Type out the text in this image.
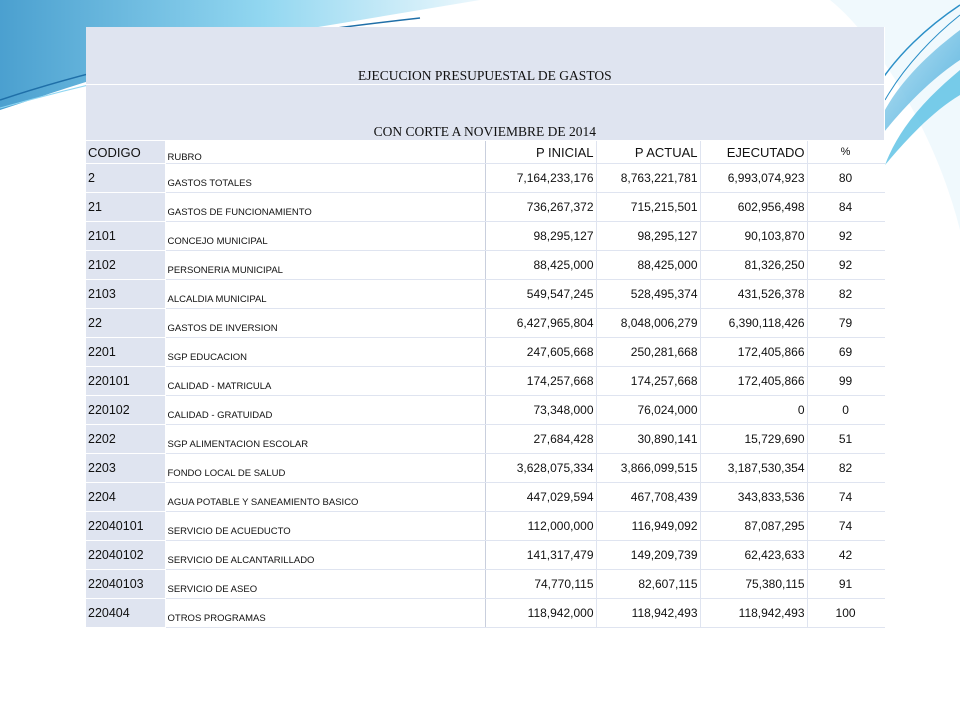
EJECUCION PRESUPUESTAL DE GASTOS					
CON CORTE A NOVIEMBRE DE 2014					
CODIGO	RUBRO	P INICIAL	P ACTUAL	EJECUTADO	%
2	GASTOS TOTALES	7,164,233,176	8,763,221,781	6,993,074,923	80
21	GASTOS DE FUNCIONAMIENTO	736,267,372	715,215,501	602,956,498	84
2101	CONCEJO MUNICIPAL	98,295,127	98,295,127	90,103,870	92
2102	PERSONERIA MUNICIPAL	88,425,000	88,425,000	81,326,250	92
2103	ALCALDIA MUNICIPAL	549,547,245	528,495,374	431,526,378	82
22	GASTOS DE INVERSION	6,427,965,804	8,048,006,279	6,390,118,426	79
2201	SGP EDUCACION	247,605,668	250,281,668	172,405,866	69
220101	CALIDAD - MATRICULA	174,257,668	174,257,668	172,405,866	99
220102	CALIDAD - GRATUIDAD	73,348,000	76,024,000	0	0
2202	SGP ALIMENTACION ESCOLAR	27,684,428	30,890,141	15,729,690	51
2203	FONDO LOCAL DE SALUD	3,628,075,334	3,866,099,515	3,187,530,354	82
2204	AGUA POTABLE Y SANEAMIENTO BASICO	447,029,594	467,708,439	343,833,536	74
22040101	SERVICIO DE ACUEDUCTO	112,000,000	116,949,092	87,087,295	74
22040102	SERVICIO DE ALCANTARILLADO	141,317,479	149,209,739	62,423,633	42
22040103	SERVICIO DE ASEO	74,770,115	82,607,115	75,380,115	91
220404	OTROS PROGRAMAS	118,942,000	118,942,493	118,942,493	100
